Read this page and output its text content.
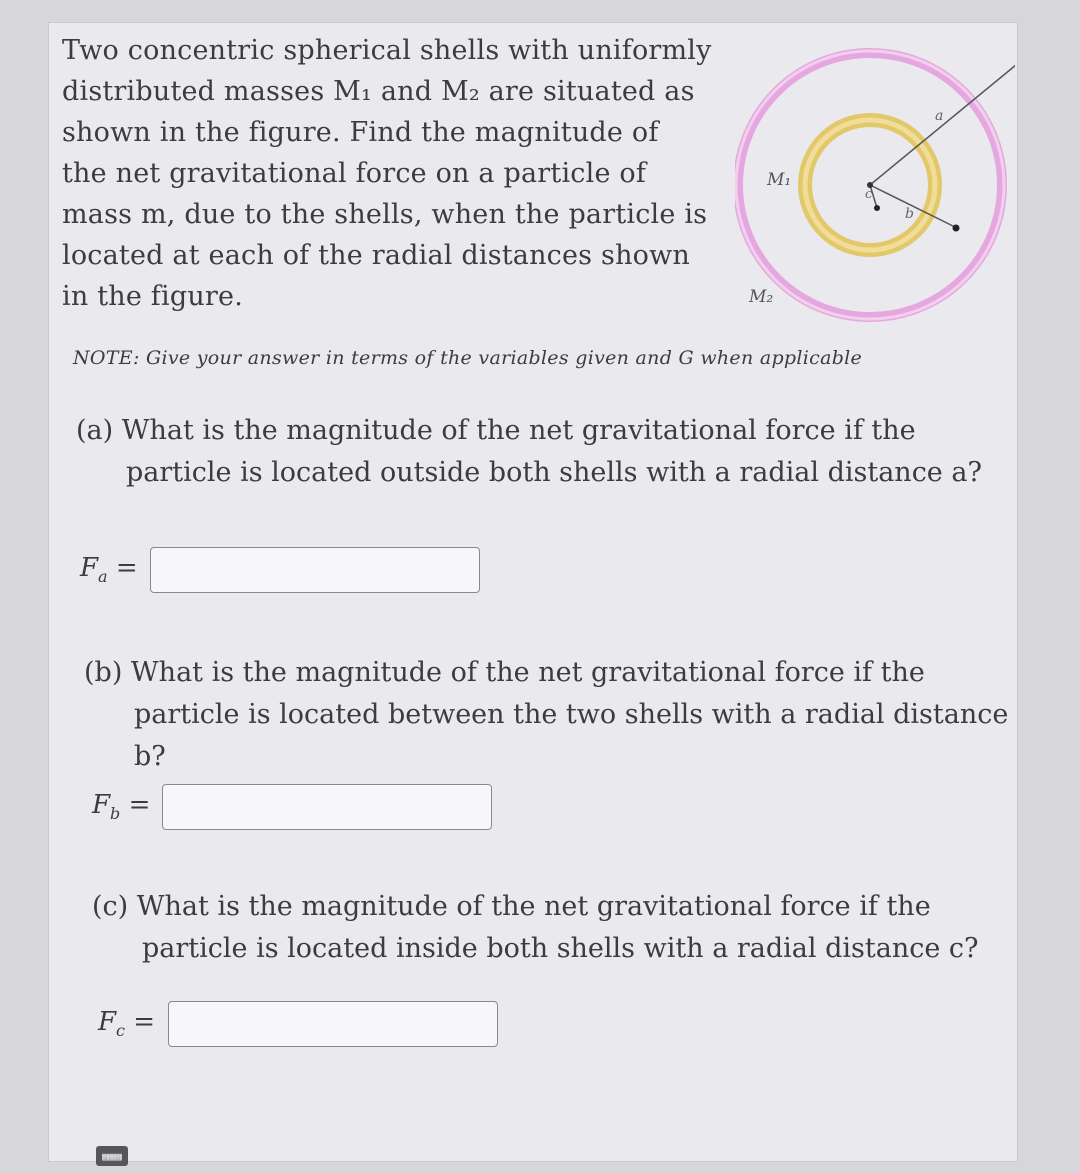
Two concentric spherical shells with uniformly distributed masses M₁ and M₂ are situated as shown in the figure. Find the magnitude of the net gravitational force on a particle of mass m, due to the shells, when the particle is located at each of the radial distances shown in the figure.
a
b
c
M₁
M₂
NOTE: Give your answer in terms of the variables given and G when applicable
(a) What is the magnitude of the net gravitational force if the
particle is located outside both shells with a radial distance a?
$F_a$ =
(b) What is the magnitude of the net gravitational force if the
particle is located between the two shells with a radial distance b?
$F_b$ =
(c) What is the magnitude of the net gravitational force if the
particle is located inside both shells with a radial distance c?
$F_c$ =
▦▦▦
